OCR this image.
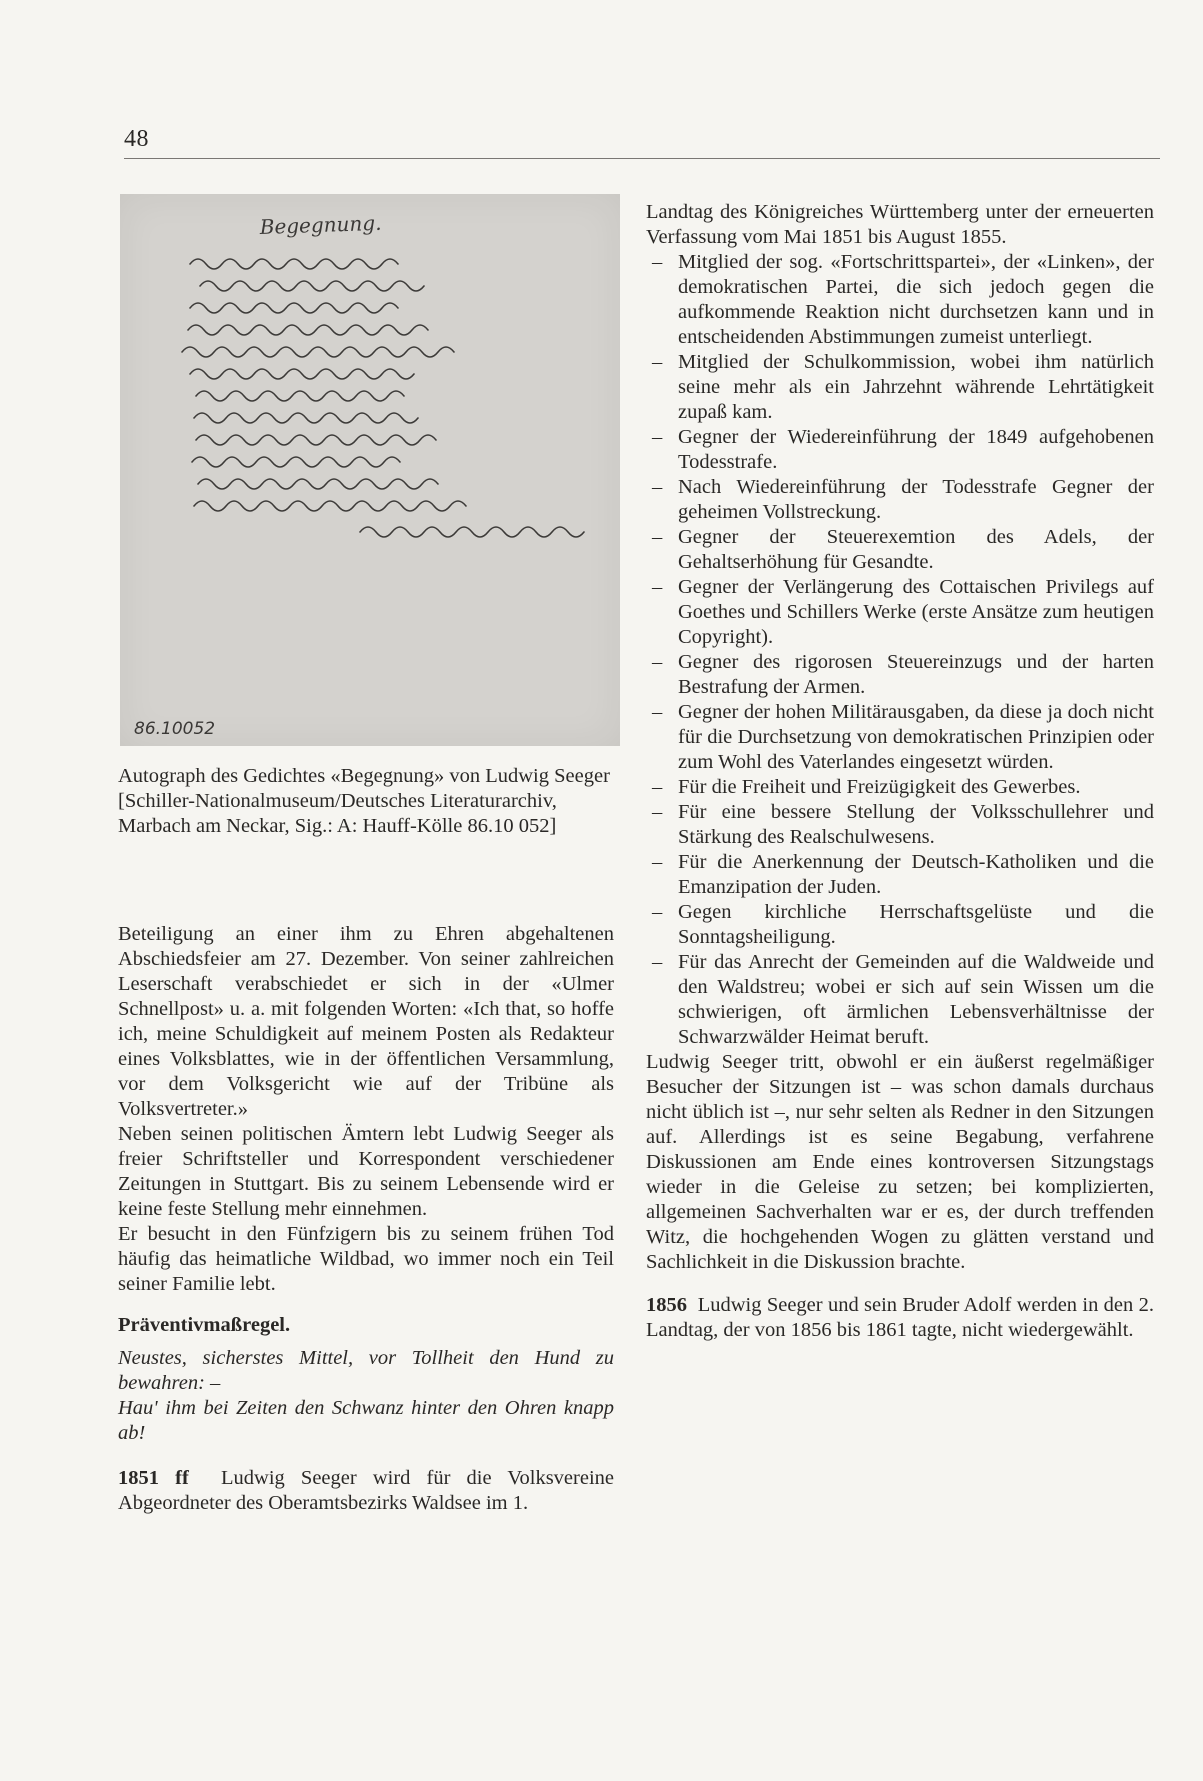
48
Begegnung.
86.10052
Autograph des Gedichtes «Begegnung» von Ludwig Seeger [Schiller-Nationalmuseum/Deutsches Literaturarchiv, Marbach am Neckar, Sig.: A: Hauff-Kölle 86.10 052]

Beteiligung an einer ihm zu Ehren abgehaltenen Abschiedsfeier am 27. Dezember. Von seiner zahlreichen Leserschaft verabschiedet er sich in der «Ulmer Schnellpost» u. a. mit folgenden Worten: «Ich that, so hoffe ich, meine Schuldigkeit auf meinem Posten als Redakteur eines Volksblattes, wie in der öffentlichen Versammlung, vor dem Volksgericht wie auf der Tribüne als Volksvertreter.»

Neben seinen politischen Ämtern lebt Ludwig Seeger als freier Schriftsteller und Korrespondent verschiedener Zeitungen in Stuttgart. Bis zu seinem Lebensende wird er keine feste Stellung mehr einnehmen.

Er besucht in den Fünfzigern bis zu seinem frühen Tod häufig das heimatliche Wildbad, wo immer noch ein Teil seiner Familie lebt.

Präventivmaßregel.

Neustes, sicherstes Mittel, vor Tollheit den Hund zu bewahren: –
Hau' ihm bei Zeiten den Schwanz hinter den Ohren knapp ab!

1851 ff Ludwig Seeger wird für die Volksvereine Abgeordneter des Oberamtsbezirks Waldsee im 1.

Landtag des Königreiches Württemberg unter der erneuerten Verfassung vom Mai 1851 bis August 1855.

– Mitglied der sog. «Fortschrittspartei», der «Linken», der demokratischen Partei, die sich jedoch gegen die aufkommende Reaktion nicht durchsetzen kann und in entscheidenden Abstimmungen zumeist unterliegt.
– Mitglied der Schulkommission, wobei ihm natürlich seine mehr als ein Jahrzehnt währende Lehrtätigkeit zupaß kam.
– Gegner der Wiedereinführung der 1849 aufgehobenen Todesstrafe.
– Nach Wiedereinführung der Todesstrafe Gegner der geheimen Vollstreckung.
– Gegner der Steuerexemtion des Adels, der Gehaltserhöhung für Gesandte.
– Gegner der Verlängerung des Cottaischen Privilegs auf Goethes und Schillers Werke (erste Ansätze zum heutigen Copyright).
– Gegner des rigorosen Steuereinzugs und der harten Bestrafung der Armen.
– Gegner der hohen Militärausgaben, da diese ja doch nicht für die Durchsetzung von demokratischen Prinzipien oder zum Wohl des Vaterlandes eingesetzt würden.
– Für die Freiheit und Freizügigkeit des Gewerbes.
– Für eine bessere Stellung der Volksschullehrer und Stärkung des Realschulwesens.
– Für die Anerkennung der Deutsch-Katholiken und die Emanzipation der Juden.
– Gegen kirchliche Herrschaftsgelüste und die Sonntagsheiligung.
– Für das Anrecht der Gemeinden auf die Waldweide und den Waldstreu; wobei er sich auf sein Wissen um die schwierigen, oft ärmlichen Lebensverhältnisse der Schwarzwälder Heimat beruft.

Ludwig Seeger tritt, obwohl er ein äußerst regelmäßiger Besucher der Sitzungen ist – was schon damals durchaus nicht üblich ist –, nur sehr selten als Redner in den Sitzungen auf. Allerdings ist es seine Begabung, verfahrene Diskussionen am Ende eines kontroversen Sitzungstags wieder in die Geleise zu setzen; bei komplizierten, allgemeinen Sachverhalten war er es, der durch treffenden Witz, die hochgehenden Wogen zu glätten verstand und Sachlichkeit in die Diskussion brachte.

1856 Ludwig Seeger und sein Bruder Adolf werden in den 2. Landtag, der von 1856 bis 1861 tagte, nicht wiedergewählt.
